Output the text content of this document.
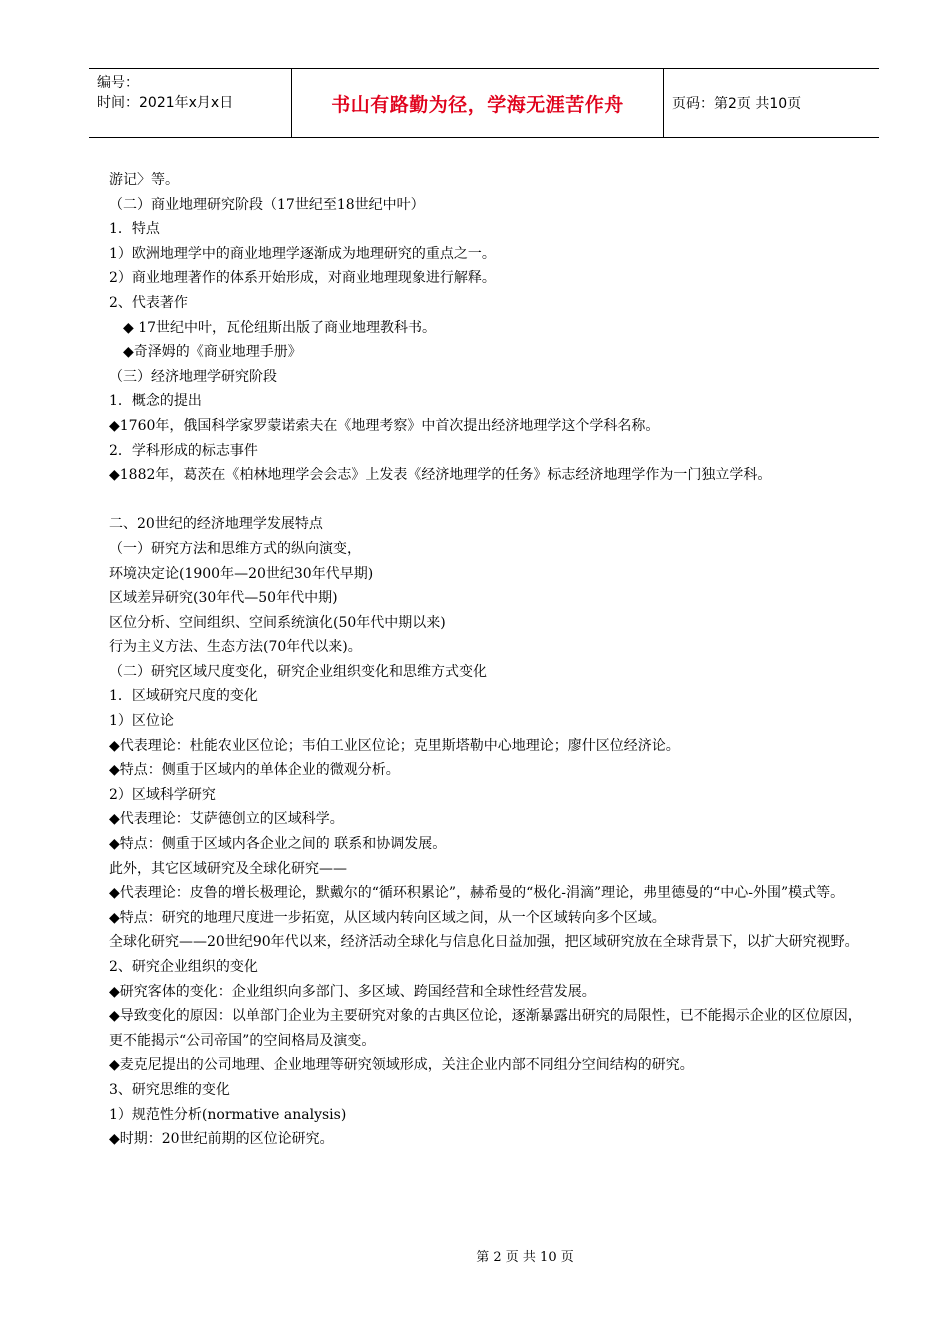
编号：
时间：2021年x月x日	书山有路勤为径，学海无涯苦作舟	页码：第2页 共10页
游记〉等。
（二）商业地理研究阶段（17世纪至18世纪中叶）
1．特点
1）欧洲地理学中的商业地理学逐渐成为地理研究的重点之一。
2）商业地理著作的体系开始形成，对商业地理现象进行解释。
2、代表著作
◆ 17世纪中叶，瓦伦纽斯出版了商业地理教科书。
◆奇泽姆的《商业地理手册》
（三）经济地理学研究阶段
1．概念的提出
◆1760年，俄国科学家罗蒙诺索夫在《地理考察》中首次提出经济地理学这个学科名称。
2．学科形成的标志事件
◆1882年，葛茨在《柏林地理学会会志》上发表《经济地理学的任务》标志经济地理学作为一门独立学科。
二、20世纪的经济地理学发展特点
（一）研究方法和思维方式的纵向演变，
环境决定论(1900年—20世纪30年代早期)
区域差异研究(30年代—50年代中期)
区位分析、空间组织、空间系统演化(50年代中期以来)
行为主义方法、生态方法(70年代以来)。
（二）研究区域尺度变化，研究企业组织变化和思维方式变化
1．区域研究尺度的变化
1）区位论
◆代表理论：杜能农业区位论；韦伯工业区位论；克里斯塔勒中心地理论；廖什区位经济论。
◆特点：侧重于区域内的单体企业的微观分析。
2）区域科学研究
◆代表理论：艾萨德创立的区域科学。
◆特点：侧重于区域内各企业之间的 联系和协调发展。
此外，其它区域研究及全球化研究——
◆代表理论：皮鲁的增长极理论，默戴尔的“循环积累论”，赫希曼的“极化-涓滴”理论，弗里德曼的“中心-外围”模式等。
◆特点：研究的地理尺度进一步拓宽，从区域内转向区域之间，从一个区域转向多个区域。
全球化研究——20世纪90年代以来，经济活动全球化与信息化日益加强，把区域研究放在全球背景下，以扩大研究视野。
2、研究企业组织的变化
◆研究客体的变化：企业组织向多部门、多区域、跨国经营和全球性经营发展。
◆导致变化的原因：以单部门企业为主要研究对象的古典区位论，逐渐暴露出研究的局限性，已不能揭示企业的区位原因，更不能揭示“公司帝国”的空间格局及演变。
◆麦克尼提出的公司地理、企业地理等研究领域形成，关注企业内部不同组分空间结构的研究。
3、研究思维的变化
1）规范性分析(normative analysis)
◆时期：20世纪前期的区位论研究。
第 2 页 共 10 页
